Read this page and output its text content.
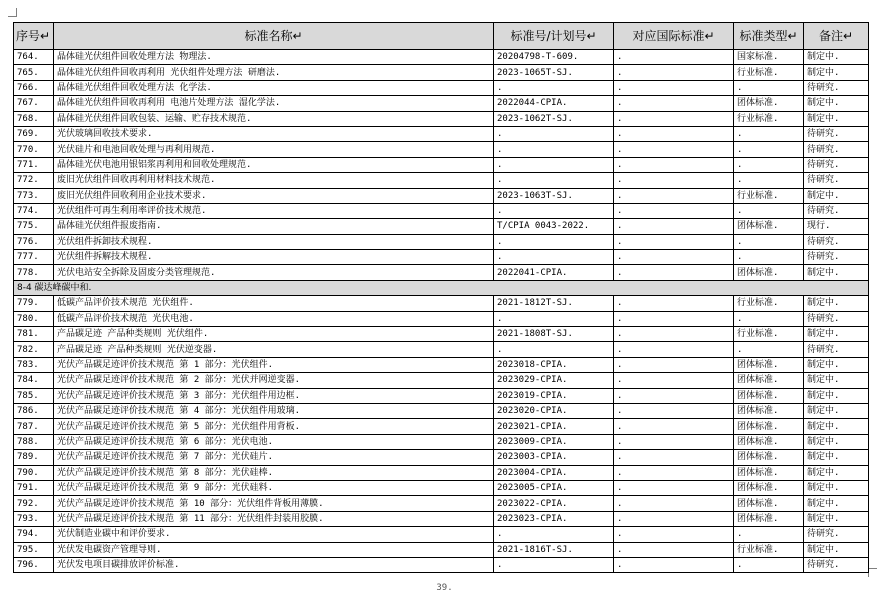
序号↵	标准名称↵	标准号/计划号↵	对应国际标准↵	标准类型↵	备注↵
764.	晶体硅光伏组件回收处理方法 物理法.	20204798-T-609.	.	国家标准.	制定中.
765.	晶体硅光伏组件回收再利用 光伏组件处理方法 研磨法.	2023-1065T-SJ.	.	行业标准.	制定中.
766.	晶体硅光伏组件回收处理方法 化学法.	.	.	.	待研究.
767.	晶体硅光伏组件回收再利用 电池片处理方法 湿化学法.	2022044-CPIA.	.	团体标准.	制定中.
768.	晶体硅光伏组件回收包装、运输、贮存技术规范.	2023-1062T-SJ.	.	行业标准.	制定中.
769.	光伏玻璃回收技术要求.	.	.	.	待研究.
770.	光伏硅片和电池回收处理与再利用规范.	.	.	.	待研究.
771.	晶体硅光伏电池用银铝浆再利用和回收处理规范.	.	.	.	待研究.
772.	废旧光伏组件回收再利用材料技术规范.	.	.	.	待研究.
773.	废旧光伏组件回收利用企业技术要求.	2023-1063T-SJ.	.	行业标准.	制定中.
774.	光伏组件可再生利用率评价技术规范.	.	.	.	待研究.
775.	晶体硅光伏组件报废指南.	T/CPIA 0043-2022.	.	团体标准.	现行.
776.	光伏组件拆卸技术规程.	.	.	.	待研究.
777.	光伏组件拆解技术规程.	.	.	.	待研究.
778.	光伏电站安全拆除及固废分类管理规范.	2022041-CPIA.	.	团体标准.	制定中.
8-4 碳达峰碳中和.					
779.	低碳产品评价技术规范 光伏组件.	2021-1812T-SJ.	.	行业标准.	制定中.
780.	低碳产品评价技术规范 光伏电池.	.	.	.	待研究.
781.	产品碳足迹 产品种类规则 光伏组件.	2021-1808T-SJ.	.	行业标准.	制定中.
782.	产品碳足迹 产品种类规则 光伏逆变器.	.	.	.	待研究.
783.	光伏产品碳足迹评价技术规范 第 1 部分：光伏组件.	2023018-CPIA.	.	团体标准.	制定中.
784.	光伏产品碳足迹评价技术规范 第 2 部分：光伏并网逆变器.	2023029-CPIA.	.	团体标准.	制定中.
785.	光伏产品碳足迹评价技术规范 第 3 部分：光伏组件用边框.	2023019-CPIA.	.	团体标准.	制定中.
786.	光伏产品碳足迹评价技术规范 第 4 部分：光伏组件用玻璃.	2023020-CPIA.	.	团体标准.	制定中.
787.	光伏产品碳足迹评价技术规范 第 5 部分：光伏组件用背板.	2023021-CPIA.	.	团体标准.	制定中.
788.	光伏产品碳足迹评价技术规范 第 6 部分：光伏电池.	2023009-CPIA.	.	团体标准.	制定中.
789.	光伏产品碳足迹评价技术规范 第 7 部分：光伏硅片.	2023003-CPIA.	.	团体标准.	制定中.
790.	光伏产品碳足迹评价技术规范 第 8 部分：光伏硅棒.	2023004-CPIA.	.	团体标准.	制定中.
791.	光伏产品碳足迹评价技术规范 第 9 部分：光伏硅料.	2023005-CPIA.	.	团体标准.	制定中.
792.	光伏产品碳足迹评价技术规范 第 10 部分：光伏组件背板用薄膜.	2023022-CPIA.	.	团体标准.	制定中.
793.	光伏产品碳足迹评价技术规范 第 11 部分：光伏组件封装用胶膜.	2023023-CPIA.	.	团体标准.	制定中.
794.	光伏制造业碳中和评价要求.	.	.	.	待研究.
795.	光伏发电碳资产管理导则.	2021-1816T-SJ.	.	行业标准.	制定中.
796.	光伏发电项目碳排放评价标准.	.	.	.	待研究.
39.
